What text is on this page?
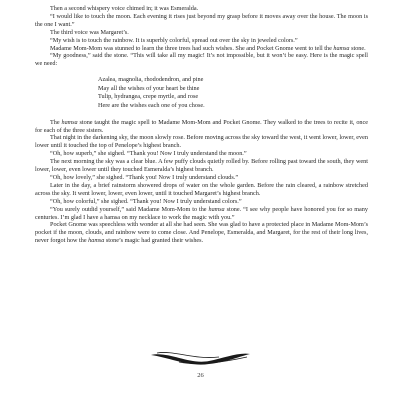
Then a second whispery voice chimed in; it was Esmeralda.

“I would like to touch the moon. Each evening it rises just beyond my grasp before it moves away over the house. The moon is the one I want.”

The third voice was Margaret’s.

“My wish is to touch the rainbow. It is superbly colorful, spread out over the sky in jeweled colors.”

Madame Mom-Mom was stunned to learn the three trees had such wishes. She and Pocket Gnome went to tell the hamsa stone.

“My goodness,” said the stone. “This will take all my magic! It’s not impossible, but it won’t be easy. Here is the magic spell we need:

Azalea, magnolia, rhododendron, and pine
May all the wishes of your heart be thine
Tulip, hydrangea, crepe myrtle, and rose
Here are the wishes each one of you chose.

The hamsa stone taught the magic spell to Madame Mom-Mom and Pocket Gnome. They walked to the trees to recite it, once for each of the three sisters.

That night in the darkening sky, the moon slowly rose. Before moving across the sky toward the west, it went lower, lower, even lower until it touched the top of Penelope’s highest branch.

“Oh, how superb,” she sighed. “Thank you! Now I truly understand the moon.”

The next morning the sky was a clear blue. A few puffy clouds quietly rolled by. Before rolling past toward the south, they went lower, lower, even lower until they touched Esmeralda’s highest branch.

“Oh, how lovely,” she sighed. “Thank you! Now I truly understand clouds.”

Later in the day, a brief rainstorm showered drops of water on the whole garden. Before the rain cleared, a rainbow stretched across the sky. It went lower, lower, even lower, until it touched Margaret’s highest branch.

“Oh, how colorful,” she sighed. “Thank you! Now I truly understand colors.”

“You surely outdid yourself,” said Madame Mom-Mom to the hamsa stone. “I see why people have honored you for so many centuries. I’m glad I have a hamsa on my necklace to work the magic with you.”

Pocket Gnome was speechless with wonder at all she had seen. She was glad to have a protected place in Madame Mom-Mom’s pocket if the moon, clouds, and rainbow were to come close. And Penelope, Esmeralda, and Margaret, for the rest of their long lives, never forgot how the hamsa stone’s magic had granted their wishes.

26
